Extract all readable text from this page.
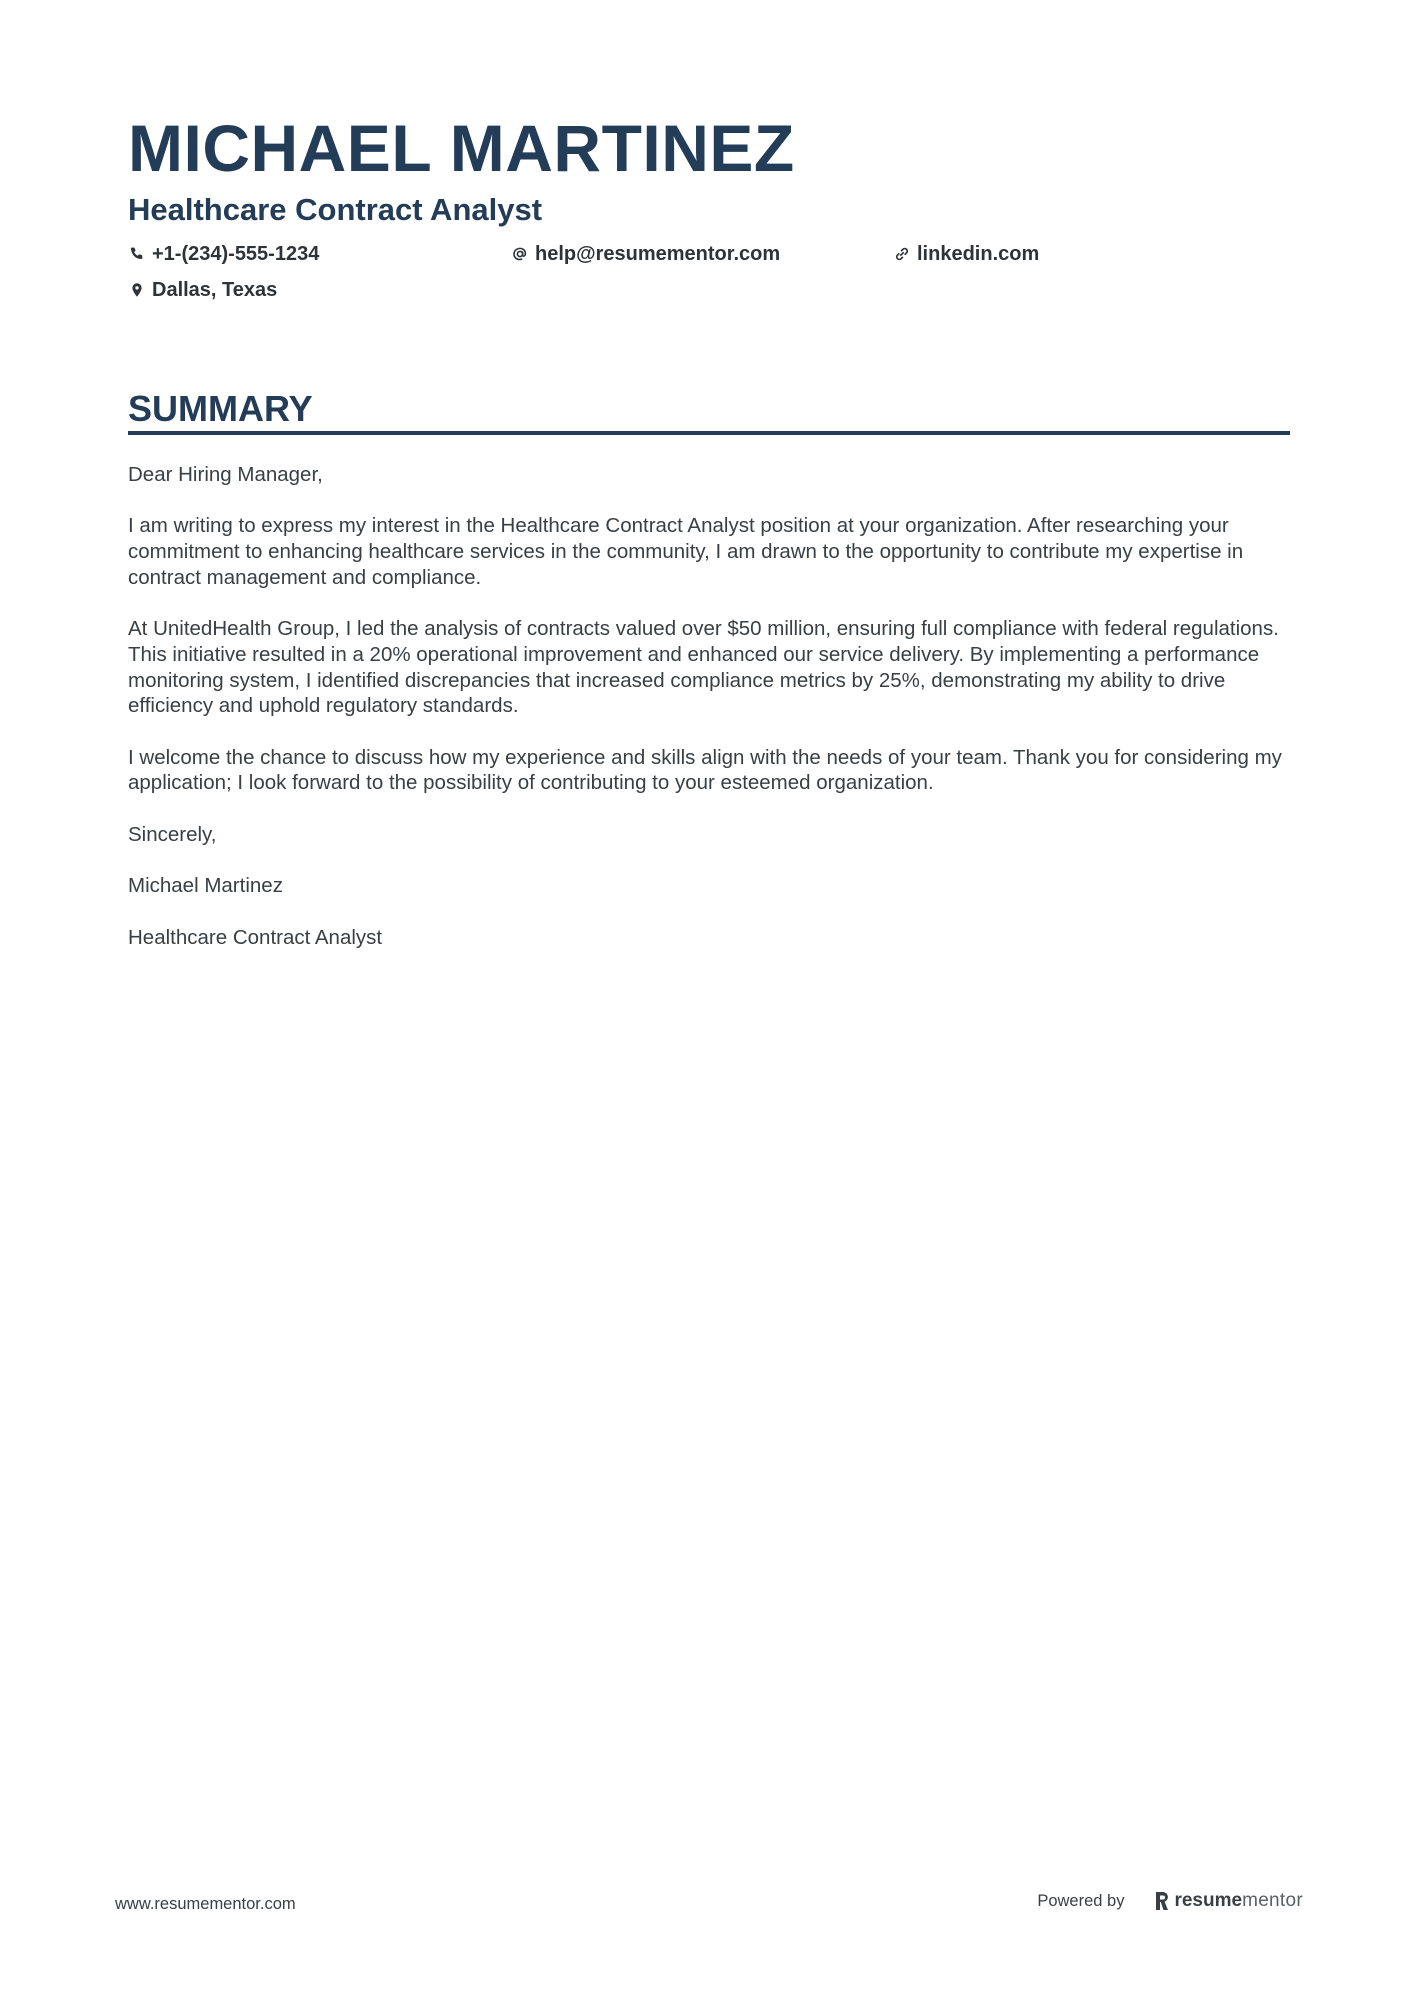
MICHAEL MARTINEZ
Healthcare Contract Analyst
+1-(234)-555-1234	help@resumementor.com	linkedin.com
Dallas, Texas
SUMMARY

Dear Hiring Manager,

I am writing to express my interest in the Healthcare Contract Analyst position at your organization. After researching your commitment to enhancing healthcare services in the community, I am drawn to the opportunity to contribute my expertise in contract management and compliance.

At UnitedHealth Group, I led the analysis of contracts valued over $50 million, ensuring full compliance with federal regulations. This initiative resulted in a 20% operational improvement and enhanced our service delivery. By implementing a performance monitoring system, I identified discrepancies that increased compliance metrics by 25%, demonstrating my ability to drive efficiency and uphold regulatory standards.

I welcome the chance to discuss how my experience and skills align with the needs of your team. Thank you for considering my application; I look forward to the possibility of contributing to your esteemed organization.

Sincerely,

Michael Martinez

Healthcare Contract Analyst

www.resumementor.com	Powered by	resume mentor
